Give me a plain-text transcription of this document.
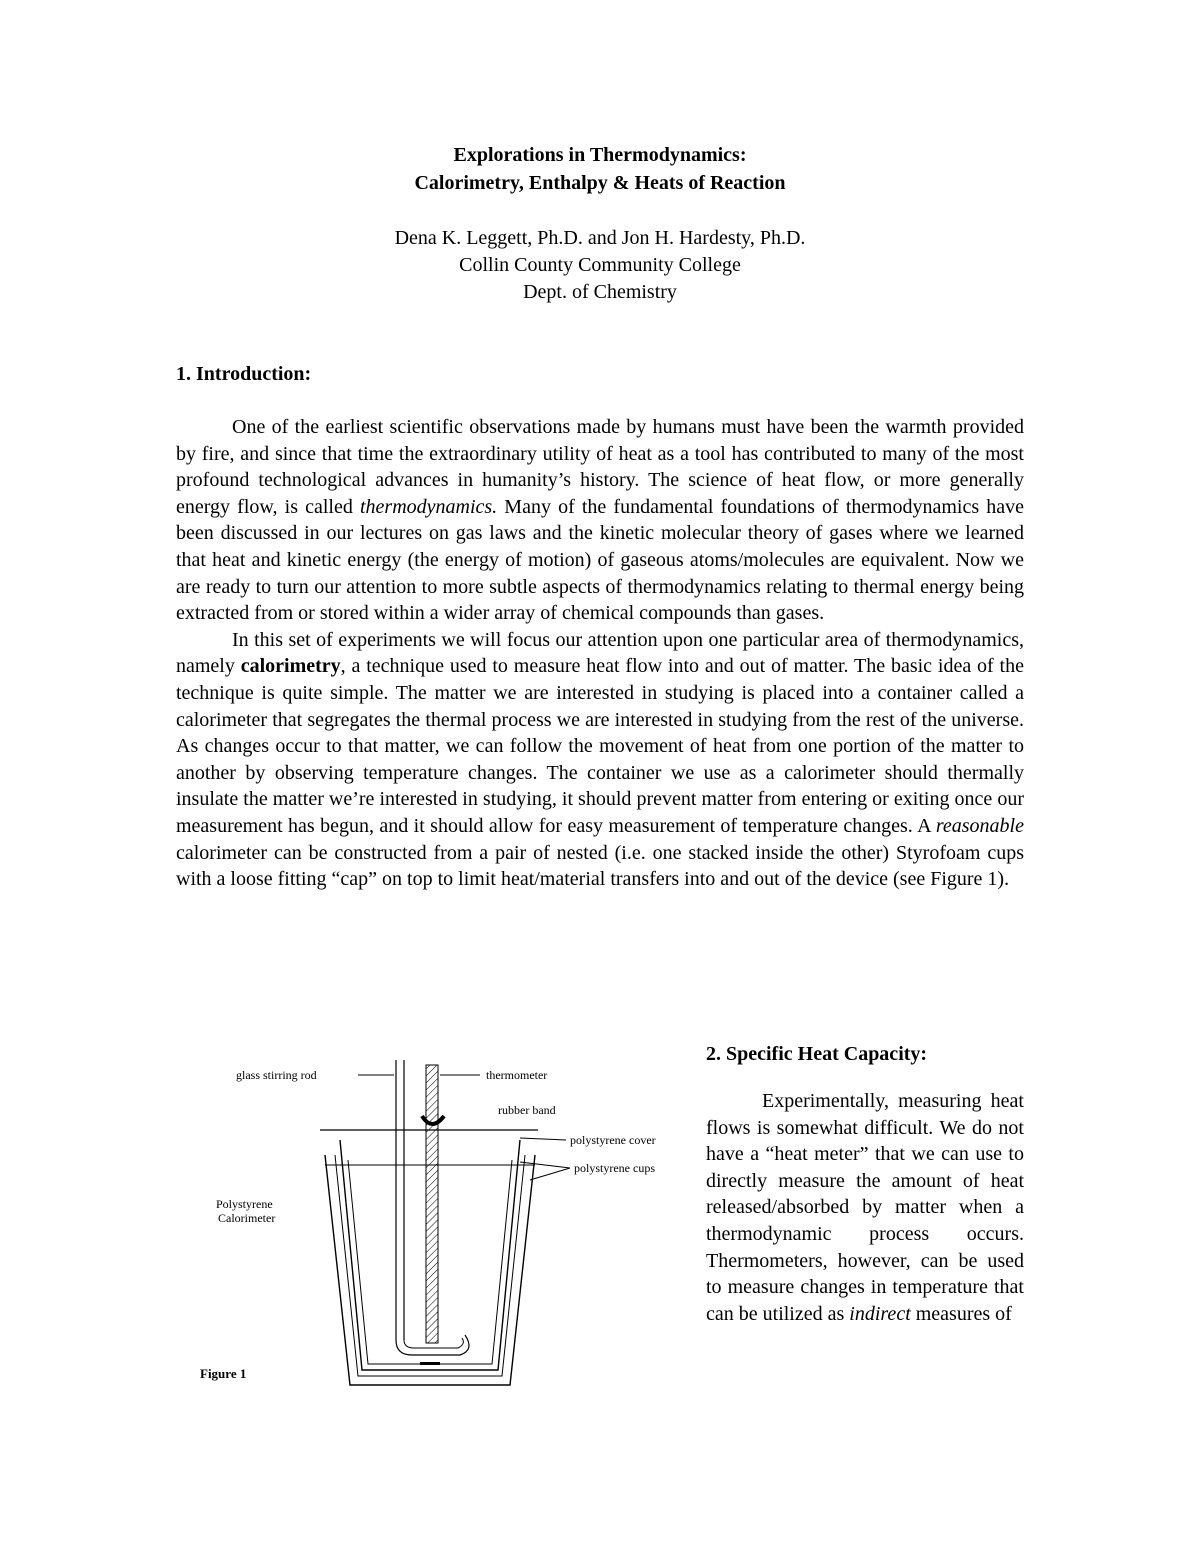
Explorations in Thermodynamics:
Calorimetry, Enthalpy & Heats of Reaction
Dena K. Leggett, Ph.D. and Jon H. Hardesty, Ph.D.
Collin County Community College
Dept. of Chemistry
1. Introduction:

One of the earliest scientific observations made by humans must have been the warmth provided by fire, and since that time the extraordinary utility of heat as a tool has contributed to many of the most profound technological advances in humanity’s history. The science of heat flow, or more generally energy flow, is called thermodynamics. Many of the fundamental foundations of thermodynamics have been discussed in our lectures on gas laws and the kinetic molecular theory of gases where we learned that heat and kinetic energy (the energy of motion) of gaseous atoms/molecules are equivalent. Now we are ready to turn our attention to more subtle aspects of thermodynamics relating to thermal energy being extracted from or stored within a wider array of chemical compounds than gases.

In this set of experiments we will focus our attention upon one particular area of thermodynamics, namely calorimetry, a technique used to measure heat flow into and out of matter. The basic idea of the technique is quite simple. The matter we are interested in studying is placed into a container called a calorimeter that segregates the thermal process we are interested in studying from the rest of the universe. As changes occur to that matter, we can follow the movement of heat from one portion of the matter to another by observing temperature changes. The container we use as a calorimeter should thermally insulate the matter we’re interested in studying, it should prevent matter from entering or exiting once our measurement has begun, and it should allow for easy measurement of temperature changes. A reasonable calorimeter can be constructed from a pair of nested (i.e. one stacked inside the other) Styrofoam cups with a loose fitting “cap” on top to limit heat/material transfers into and out of the device (see Figure 1).

glass stirring rod	thermometer
rubber band
polystyrene cover
polystyrene cups
Polystyrene
Calorimeter
Figure 1
2. Specific Heat Capacity:

Experimentally, measuring heat flows is somewhat difficult. We do not have a “heat meter” that we can use to directly measure the amount of heat released/absorbed by matter when a thermodynamic process occurs. Thermometers, however, can be used to measure changes in temperature that can be utilized as indirect measures of
